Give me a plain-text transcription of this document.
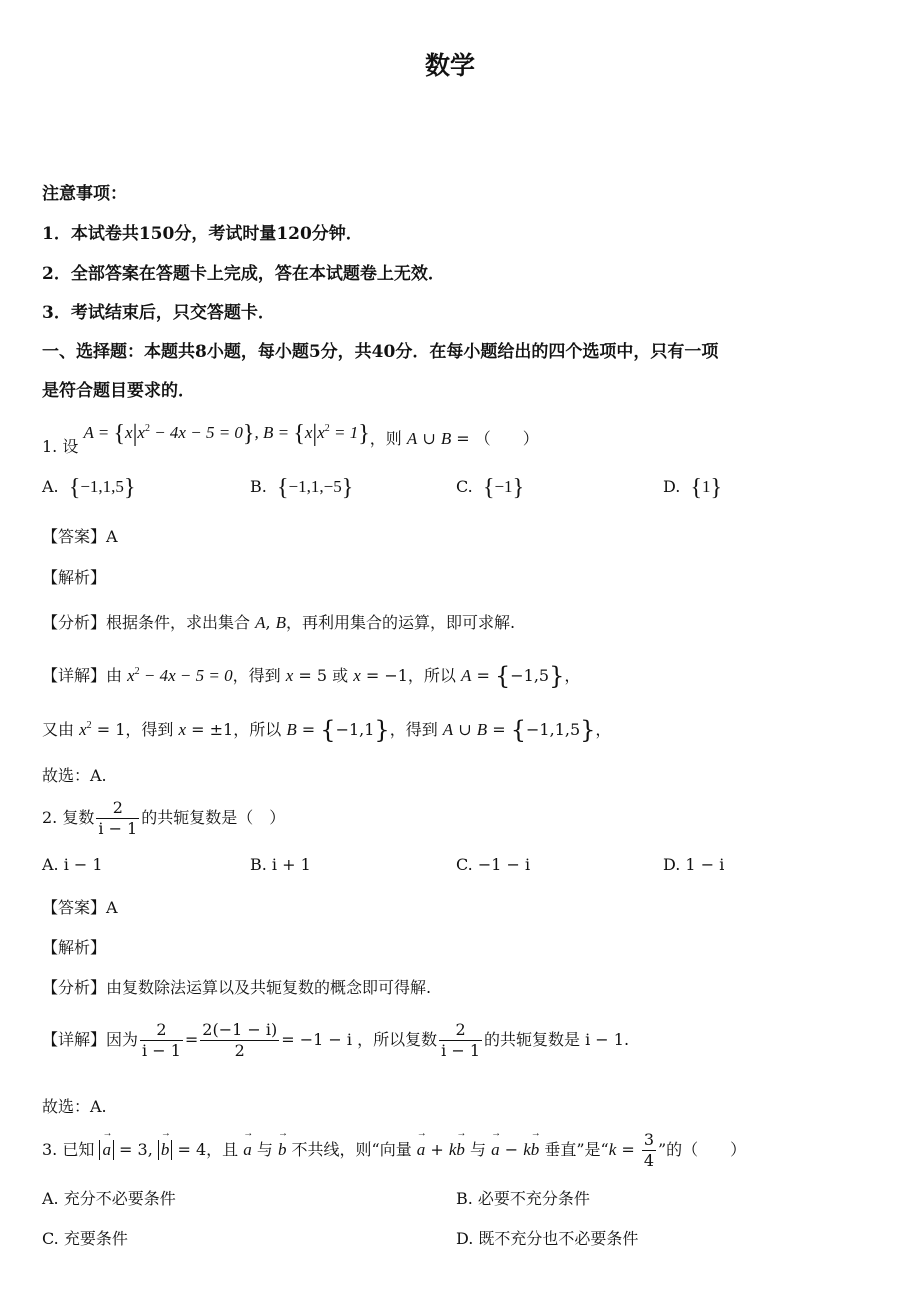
数学
注意事项：
1．本试卷共150分，考试时量120分钟．
2．全部答案在答题卡上完成，答在本试题卷上无效．
3．考试结束后，只交答题卡．
一、选择题：本题共8小题，每小题5分，共40分．在每小题给出的四个选项中，只有一项
是符合题目要求的．
1. 设 $A = \{x|x^2 - 4x - 5 = 0\}$, $B = \{x|x^2 = 1\}$，则 A ∪ B = （　　）
A.  {−1,1,5}	B.  {−1,1,−5}	C.  {−1}	D.  {1}
【答案】A
【解析】
【分析】根据条件，求出集合 A, B，再利用集合的运算，即可求解.
【详解】由 $x^2 - 4x - 5 = 0$，得到 x = 5 或 x = −1，所以 A = {−1,5}，
又由 $x^2 = 1$，得到 x = ±1，所以 B = {−1,1}，得到 A ∪ B = {−1,1,5}，
故选：A.
2. 复数 $\frac{2}{i - 1}$ 的共轭复数是（　）
A. i − 1	B. i + 1	C. −1 − i	D. 1 − i
【答案】A
【解析】
【分析】由复数除法运算以及共轭复数的概念即可得解.
【详解】因为 $\frac{2}{i - 1} = \frac{2(-1 - i)}{2} = -1 - i$ ，所以复数 $\frac{2}{i - 1}$ 的共轭复数是 i − 1.
故选：A.
3. 已知 → a = 3, → b = 4，且 → a 与 → b 不共线，则“向量 → a + k→ b 与 → a − k→ b 垂直”是“$k = \frac{3}{4}$ ”的（　　）
A. 充分不必要条件	B. 必要不充分条件
C. 充要条件	D. 既不充分也不必要条件
